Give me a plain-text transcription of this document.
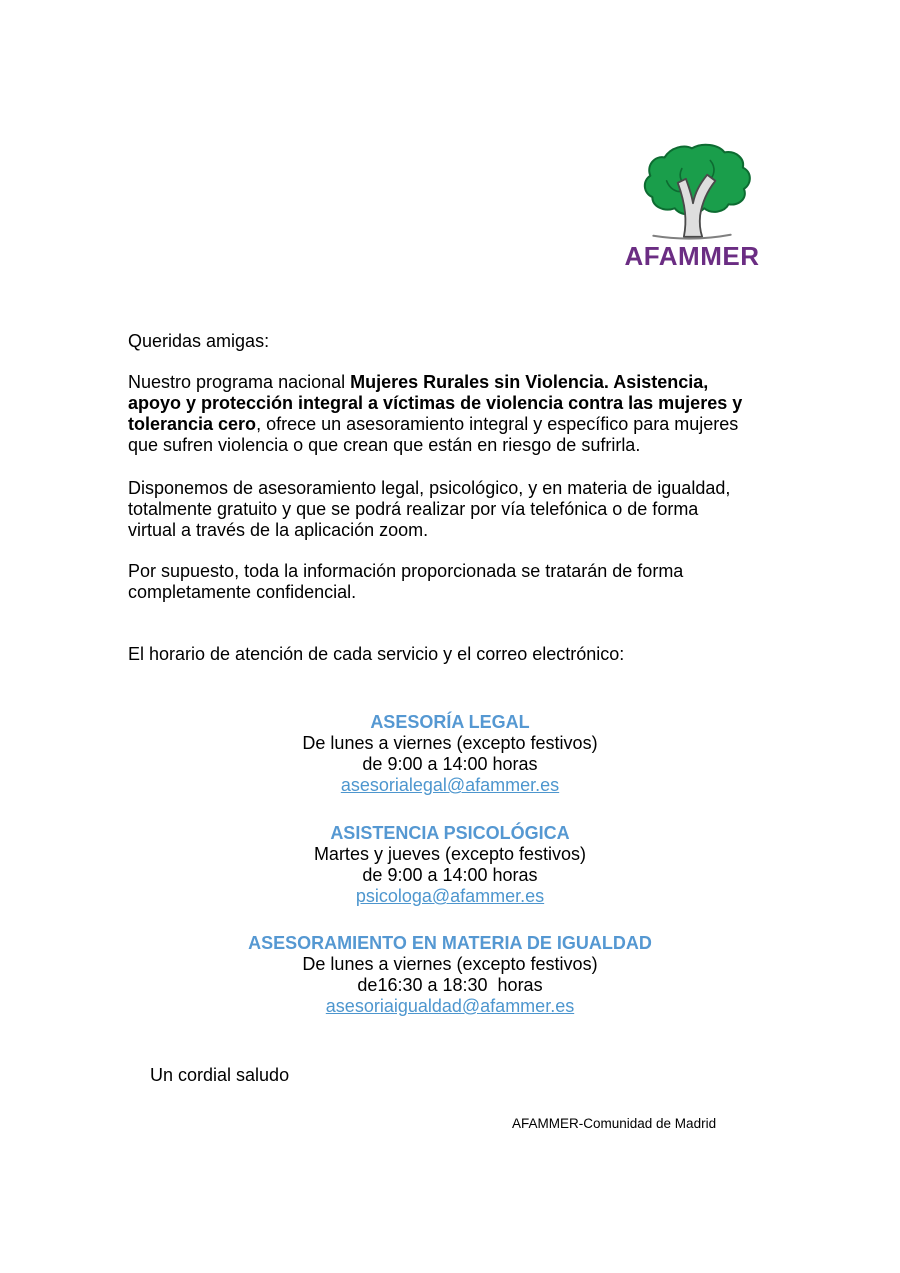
AFAMMER

Queridas amigas:

Nuestro programa nacional Mujeres Rurales sin Violencia. Asistencia, apoyo y protección integral a víctimas de violencia contra las mujeres y tolerancia cero, ofrece un asesoramiento integral y específico para mujeres que sufren violencia o que crean que están en riesgo de sufrirla.

Disponemos de asesoramiento legal, psicológico, y en materia de igualdad, totalmente gratuito y que se podrá realizar por vía telefónica o de forma virtual a través de la aplicación zoom.

Por supuesto, toda la información proporcionada se tratarán de forma completamente confidencial.

El horario de atención de cada servicio y el correo electrónico:

ASESORÍA LEGAL
De lunes a viernes (excepto festivos)
de 9:00 a 14:00 horas
asesorialegal@afammer.es
ASISTENCIA PSICOLÓGICA
Martes y jueves (excepto festivos)
de 9:00 a 14:00 horas
psicologa@afammer.es
ASESORAMIENTO EN MATERIA DE IGUALDAD
De lunes a viernes (excepto festivos)
de16:30 a 18:30  horas
asesoriaigualdad@afammer.es

Un cordial saludo

AFAMMER-Comunidad de Madrid
